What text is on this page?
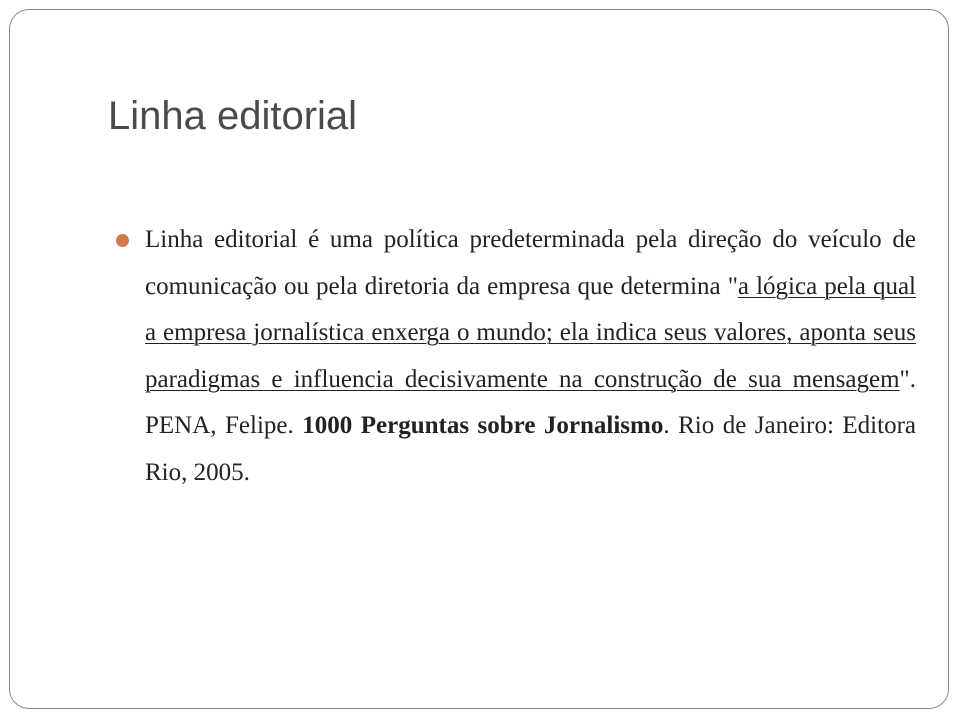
Linha editorial

Linha editorial é uma política predeterminada pela direção do veículo de comunicação ou pela diretoria da empresa que determina "a lógica pela qual a empresa jornalística enxerga o mundo; ela indica seus valores, aponta seus paradigmas e influencia decisivamente na construção de sua mensagem". PENA, Felipe. 1000 Perguntas sobre Jornalismo. Rio de Janeiro: Editora Rio, 2005.
